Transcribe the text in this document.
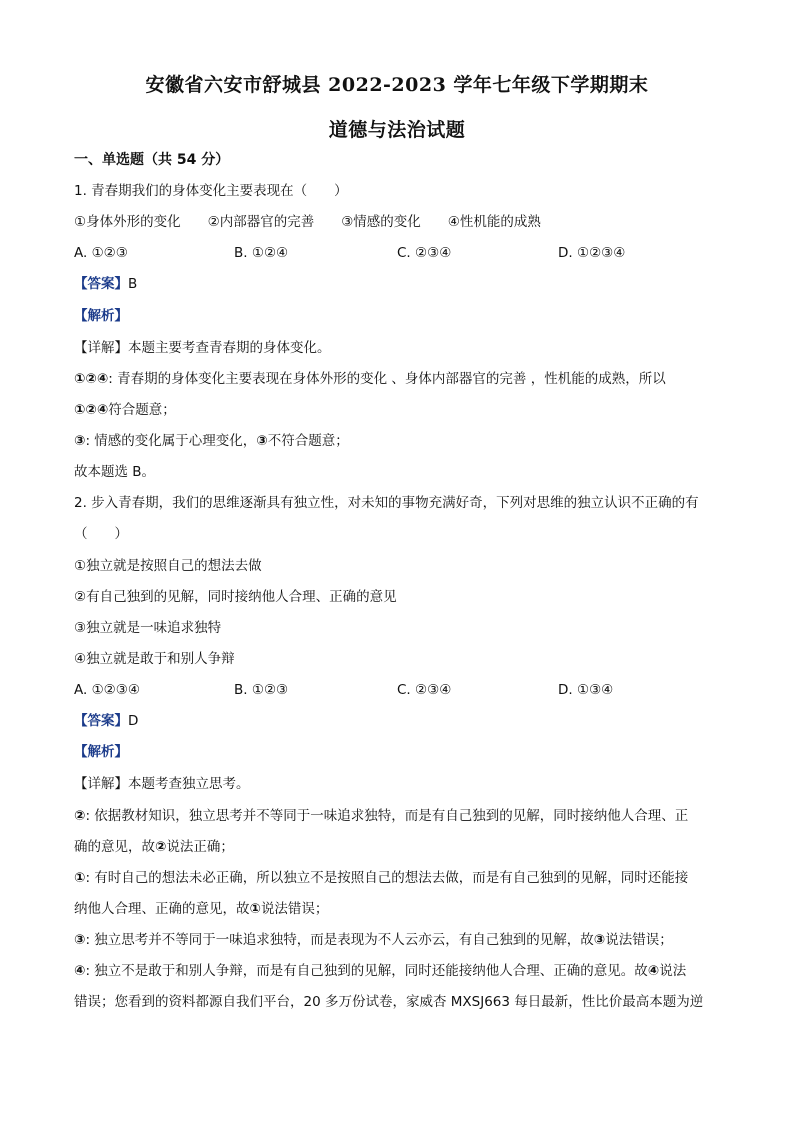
安徽省六安市舒城县 2022-2023 学年七年级下学期期末
道德与法治试题
一、单选题（共 54 分）
1. 青春期我们的身体变化主要表现在（　　）
①身体外形的变化　　②内部器官的完善　　③情感的变化　　④性机能的成熟
A. ①②③	B. ①②④	C. ②③④	D. ①②③④
【答案】B
【解析】
【详解】本题主要考查青春期的身体变化。
①②④: 青春期的身体变化主要表现在身体外形的变化 、身体内部器官的完善 ，性机能的成熟，所以
①②④符合题意；
③: 情感的变化属于心理变化，③不符合题意；
故本题选 B。
2. 步入青春期，我们的思维逐渐具有独立性，对未知的事物充满好奇，下列对思维的独立认识不正确的有
（　　）
①独立就是按照自己的想法去做
②有自己独到的见解，同时接纳他人合理、正确的意见
③独立就是一味追求独特
④独立就是敢于和别人争辩
A. ①②③④	B. ①②③	C. ②③④	D. ①③④
【答案】D
【解析】
【详解】本题考查独立思考。
②: 依据教材知识，独立思考并不等同于一味追求独特，而是有自己独到的见解，同时接纳他人合理、正
确的意见，故②说法正确；
①: 有时自己的想法未必正确，所以独立不是按照自己的想法去做，而是有自己独到的见解，同时还能接
纳他人合理、正确的意见，故①说法错误；
③: 独立思考并不等同于一味追求独特，而是表现为不人云亦云，有自己独到的见解，故③说法错误；
④: 独立不是敢于和别人争辩，而是有自己独到的见解，同时还能接纳他人合理、正确的意见。故④说法
错误；您看到的资料都源自我们平台，20 多万份试卷，家威杏 MXSJ663 每日最新，性比价最高本题为逆
